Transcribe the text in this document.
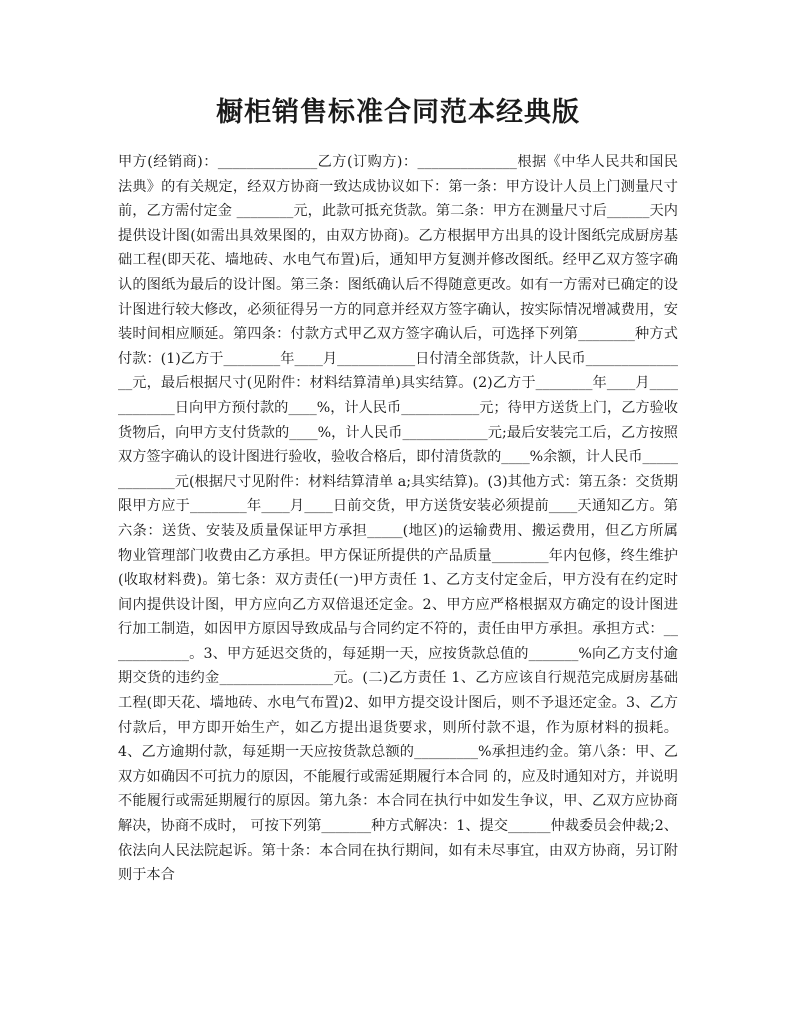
橱柜销售标准合同范本经典版

甲方(经销商)：______________乙方(订购方)：______________根据《中华人民共和国民法典》的有关规定，经双方协商一致达成协议如下：第一条：甲方设计人员上门测量尺寸前，乙方需付定金 ________元，此款可抵充货款。第二条：甲方在测量尺寸后______天内提供设计图(如需出具效果图的，由双方协商)。乙方根据甲方出具的设计图纸完成厨房基础工程(即天花、墙地砖、水电气布置)后，通知甲方复测并修改图纸。经甲乙双方签字确认的图纸为最后的设计图。第三条：图纸确认后不得随意更改。如有一方需对已确定的设计图进行较大修改，必须征得另一方的同意并经双方签字确认，按实际情况增减费用，安装时间相应顺延。第四条：付款方式甲乙双方签字确认后，可选择下列第________种方式付款：(1)乙方于________年____月___________日付清全部货款，计人民币_______________元，最后根据尺寸(见附件：材料结算清单)具实结算。(2)乙方于________年____月____________日向甲方预付款的____%，计人民币___________元；待甲方送货上门，乙方验收货物后，向甲方支付货款的____%，计人民币____________元;最后安装完工后，乙方按照双方签字确认的设计图进行验收，验收合格后，即付清货款的____%余额，计人民币_____________元(根据尺寸见附件：材料结算清单 a;具实结算)。(3)其他方式：第五条：交货期限甲方应于________年____月____日前交货，甲方送货安装必须提前____天通知乙方。第六条：送货、安装及质量保证甲方承担_____(地区)的运输费用、搬运费用，但乙方所属 物业管理部门收费由乙方承担。甲方保证所提供的产品质量________年内包修，终生维护(收取材料费)。第七条：双方责任(一)甲方责任 1、乙方支付定金后，甲方没有在约定时间内提供设计图，甲方应向乙方双倍退还定金。2、甲方应严格根据双方确定的设计图进行加工制造，如因甲方原因导致成品与合同约定不符的，责任由甲方承担。承担方式：____________。3、甲方延迟交货的，每延期一天，应按货款总值的_______%向乙方支付逾期交货的违约金________________元。(二)乙方责任 1、乙方应该自行规范完成厨房基础工程(即天花、墙地砖、水电气布置)2、如甲方提交设计图后，则不予退还定金。3、乙方付款后，甲方即开始生产，如乙方提出退货要求，则所付款不退，作为原材料的损耗。4、乙方逾期付款，每延期一天应按货款总额的_________%承担违约金。第八条：甲、乙双方如确因不可抗力的原因，不能履行或需延期履行本合同 的，应及时通知对方，并说明不能履行或需延期履行的原因。第九条：本合同在执行中如发生争议，甲、乙双方应协商解决，协商不成时， 可按下列第_______种方式解决：1、提交______仲裁委员会仲裁;2、依法向人民法院起诉。第十条：本合同在执行期间，如有未尽事宜，由双方协商，另订附则于本合
